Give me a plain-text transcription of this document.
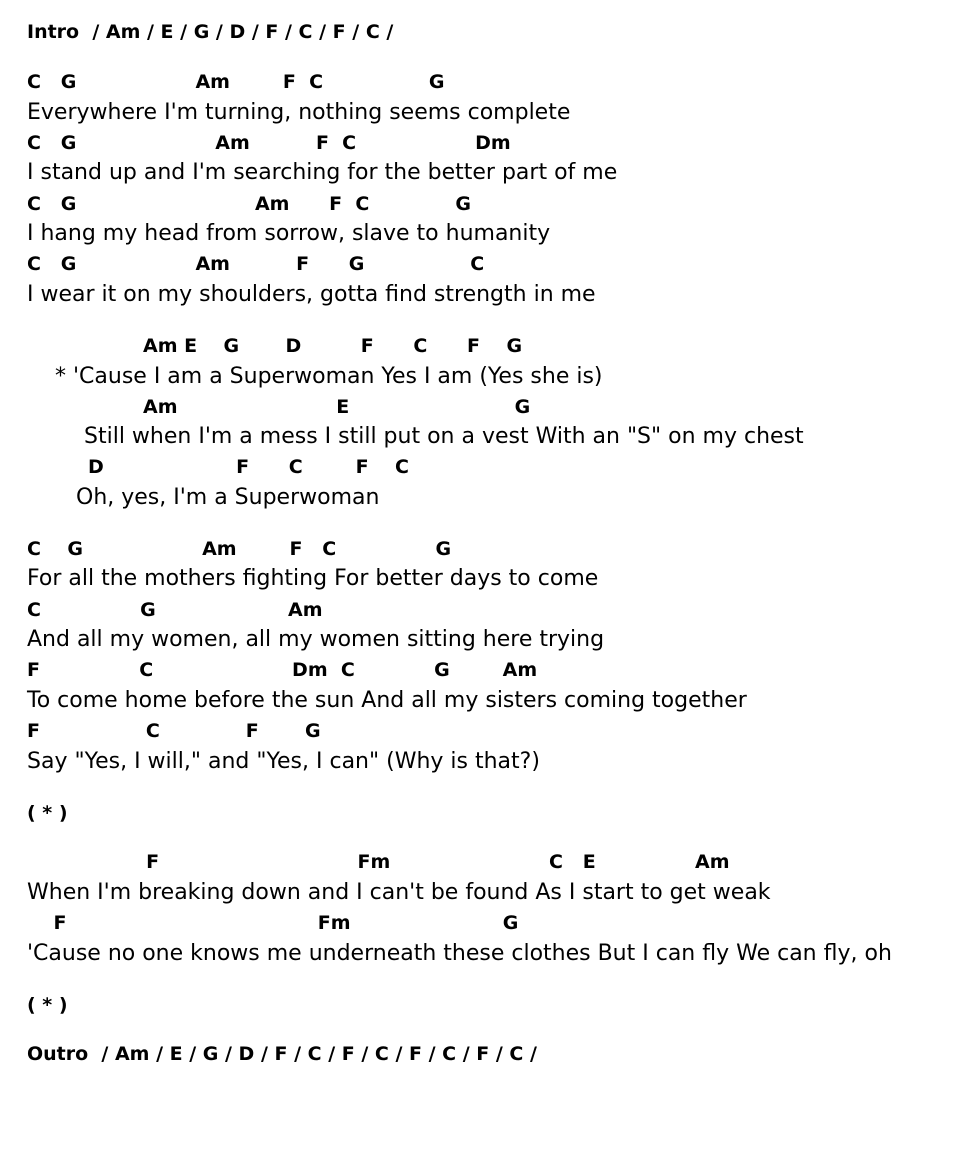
Intro  / Am / E / G / D / F / C / F / C /
C   G                  Am        F  C                G
Everywhere I'm turning, nothing seems complete
C   G                     Am          F  C                  Dm
I stand up and I'm searching for the better part of me
C   G                           Am      F  C             G
I hang my head from sorrow, slave to humanity
C   G                  Am          F      G                C
I wear it on my shoulders, gotta find strength in me
Am E    G       D         F      C      F    G
* 'Cause I am a Superwoman Yes I am (Yes she is)
Am                        E                         G
Still when I'm a mess I still put on a vest With an "S" on my chest
D                    F      C        F    C
Oh, yes, I'm a Superwoman
C    G                  Am        F   C               G
For all the mothers fighting For better days to come
C               G                    Am
And all my women, all my women sitting here trying
F               C                     Dm  C            G        Am
To come home before the sun And all my sisters coming together
F                C             F       G
Say "Yes, I will," and "Yes, I can" (Why is that?)
( * )
F                              Fm                        C   E               Am
When I'm breaking down and I can't be found As I start to get weak
F                                      Fm                       G
'Cause no one knows me underneath these clothes But I can fly We can fly, oh
( * )
Outro  / Am / E / G / D / F / C / F / C / F / C / F / C /
